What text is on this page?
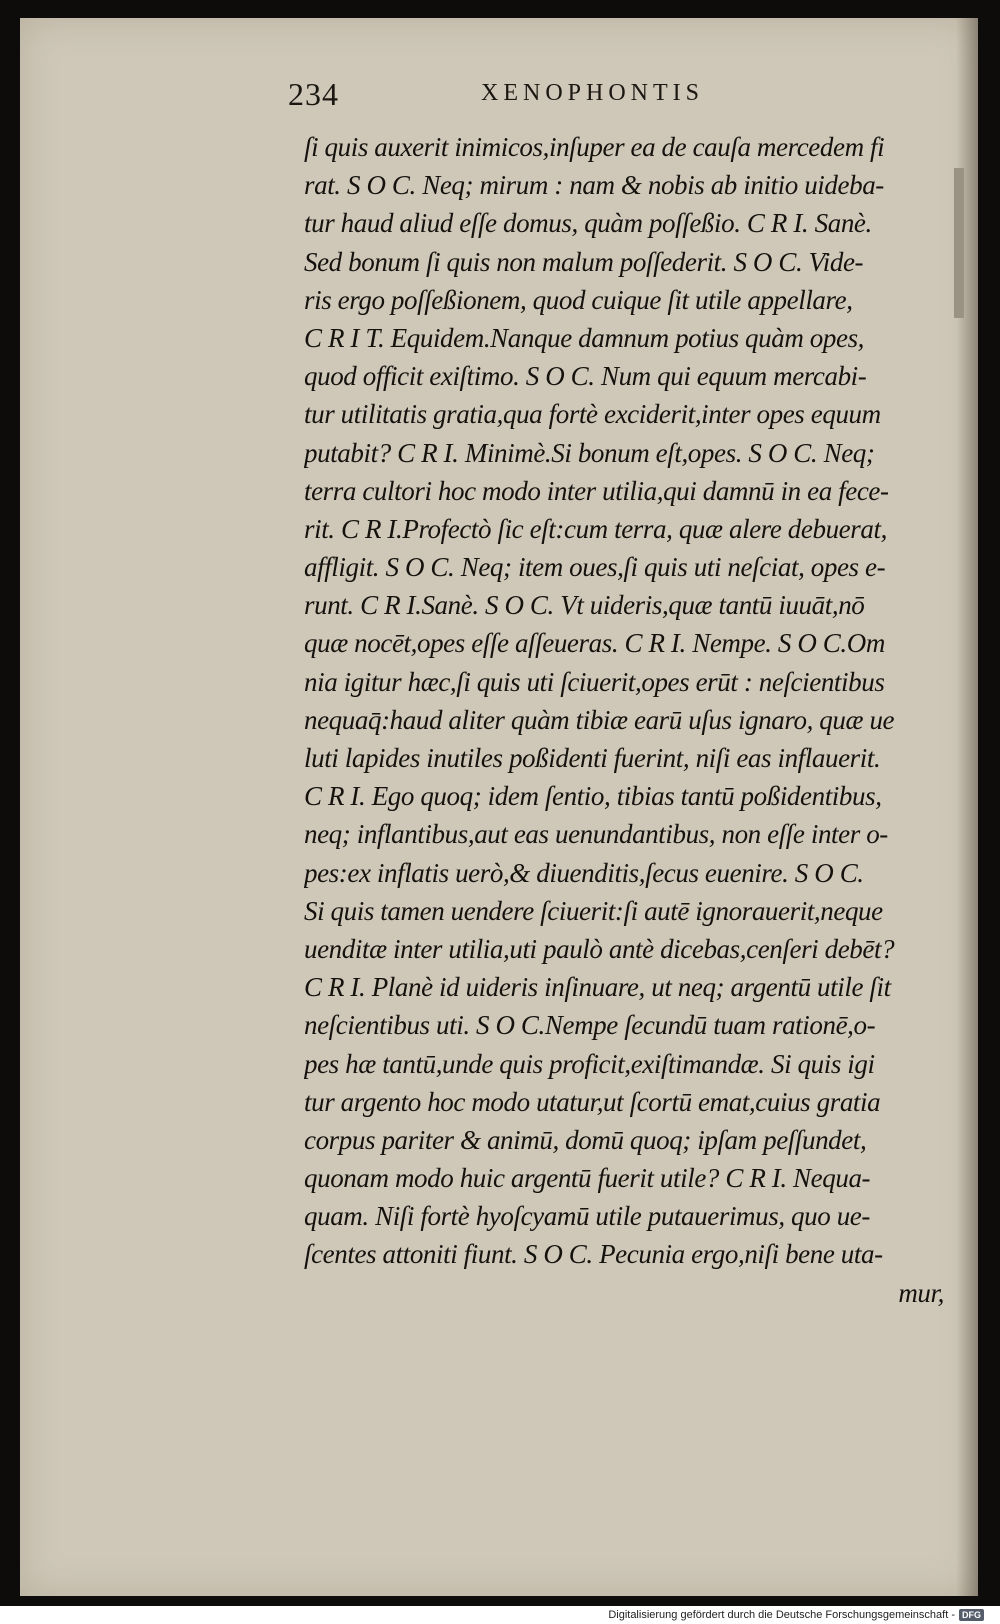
234	XENOPHONTIS
ſi quis auxerit inimicos,inſuper ea de cauſa mercedem fi
rat. S O C. Neq; mirum : nam & nobis ab initio uideba-
tur haud aliud eſſe domus, quàm poſſeßio. C R I. Sanè.
Sed bonum ſi quis non malum poſſederit. S O C. Vide-
ris ergo poſſeßionem, quod cuique ſit utile appellare,
C R I T. Equidem.Nanque damnum potius quàm opes,
quod officit exiſtimo. S O C. Num qui equum mercabi-
tur utilitatis gratia,qua fortè exciderit,inter opes equum
putabit? C R I. Minimè.Si bonum eſt,opes. S O C. Neq;
terra cultori hoc modo inter utilia,qui damnū in ea fece-
rit. C R I.Profectò ſic eſt:cum terra, quæ alere debuerat,
affligit. S O C. Neq; item oues,ſi quis uti neſciat, opes e-
runt. C R I.Sanè. S O C. Vt uideris,quæ tantū iuuāt,nō
quæ nocēt,opes eſſe aſſeueras. C R I. Nempe. S O C.Om
nia igitur hæc,ſi quis uti ſciuerit,opes erūt : neſcientibus
nequaq̄:haud aliter quàm tibiæ earū uſus ignaro, quæ ue
luti lapides inutiles poßidenti fuerint, niſi eas inflauerit.
C R I. Ego quoq; idem ſentio, tibias tantū poßidentibus,
neq; inflantibus,aut eas uenundantibus, non eſſe inter o-
pes:ex inflatis uerò,& diuenditis,ſecus euenire. S O C.
Si quis tamen uendere ſciuerit:ſi autē ignorauerit,neque
uenditæ inter utilia,uti paulò antè dicebas,cenſeri debēt?
C R I. Planè id uideris inſinuare, ut neq; argentū utile ſit
neſcientibus uti. S O C.Nempe ſecundū tuam rationē,o-
pes hæ tantū,unde quis proficit,exiſtimandæ. Si quis igi
tur argento hoc modo utatur,ut ſcortū emat,cuius gratia
corpus pariter & animū, domū quoq; ipſam peſſundet,
quonam modo huic argentū fuerit utile? C R I. Nequa-
quam. Niſi fortè hyoſcyamū utile putauerimus, quo ue-
ſcentes attoniti fiunt. S O C. Pecunia ergo,niſi bene uta-
mur,
Digitalisierung gefördert durch die Deutsche Forschungsgemeinschaft - DFG
